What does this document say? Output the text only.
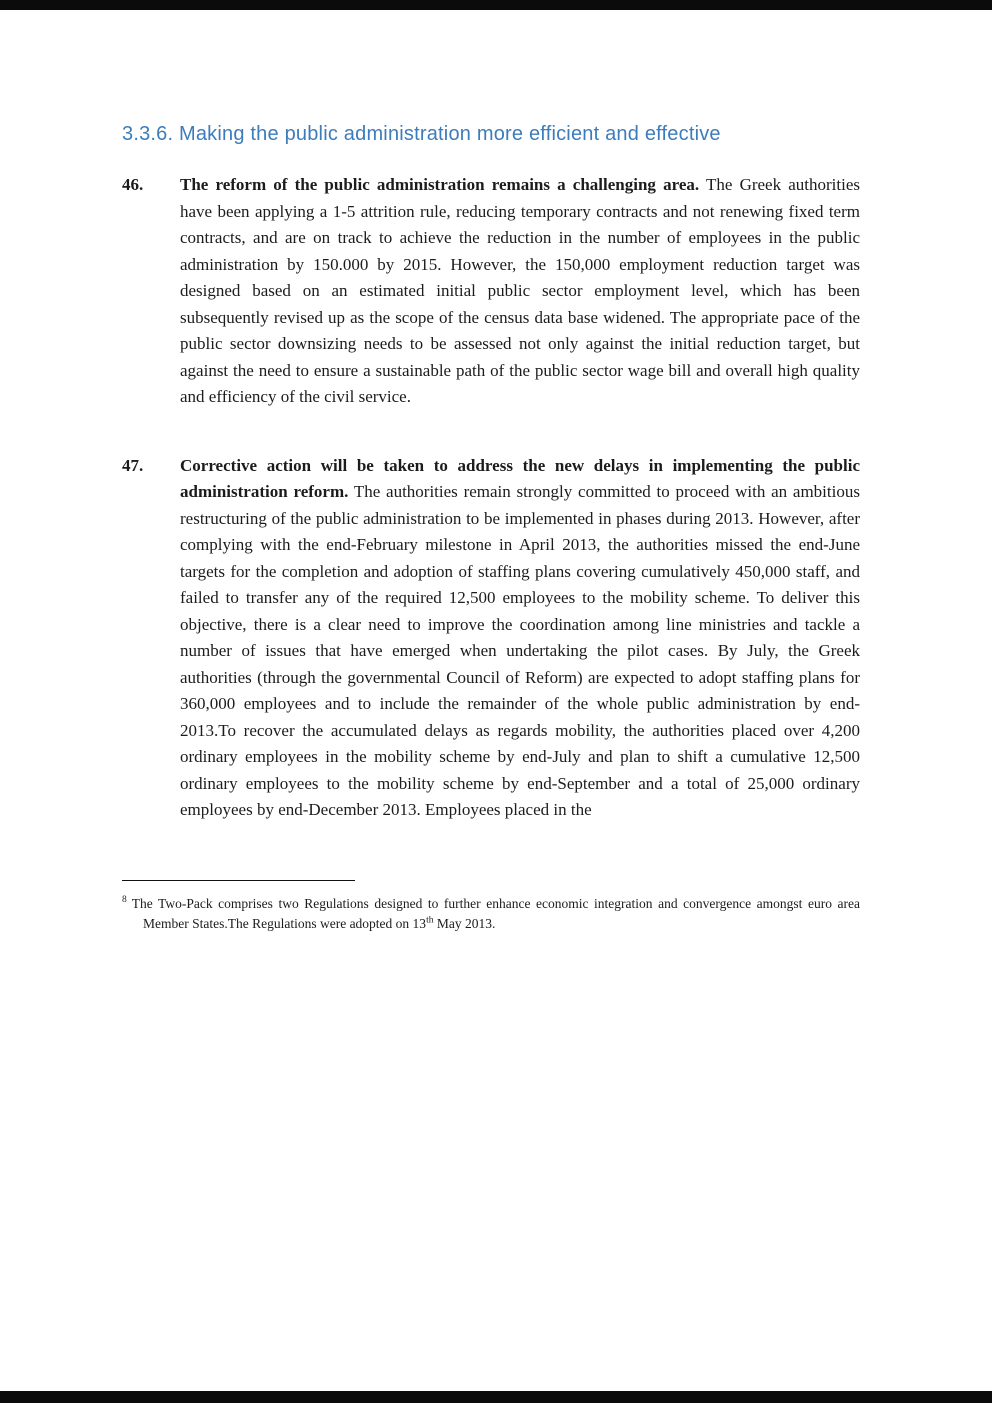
3.3.6. Making the public administration more efficient and effective
46.	The reform of the public administration remains a challenging area. The Greek authorities have been applying a 1-5 attrition rule, reducing temporary contracts and not renewing fixed term contracts, and are on track to achieve the reduction in the number of employees in the public administration by 150.000 by 2015. However, the 150,000 employment reduction target was designed based on an estimated initial public sector employment level, which has been subsequently revised up as the scope of the census data base widened. The appropriate pace of the public sector downsizing needs to be assessed not only against the initial reduction target, but against the need to ensure a sustainable path of the public sector wage bill and overall high quality and efficiency of the civil service.

47.	Corrective action will be taken to address the new delays in implementing the public administration reform. The authorities remain strongly committed to proceed with an ambitious restructuring of the public administration to be implemented in phases during 2013. However, after complying with the end-February milestone in April 2013, the authorities missed the end-June targets for the completion and adoption of staffing plans covering cumulatively 450,000 staff, and failed to transfer any of the required 12,500 employees to the mobility scheme. To deliver this objective, there is a clear need to improve the coordination among line ministries and tackle a number of issues that have emerged when undertaking the pilot cases. By July, the Greek authorities (through the governmental Council of Reform) are expected to adopt staffing plans for 360,000 employees and to include the remainder of the whole public administration by end-2013.To recover the accumulated delays as regards mobility, the authorities placed over 4,200 ordinary employees in the mobility scheme by end-July and plan to shift a cumulative 12,500 ordinary employees to the mobility scheme by end-September and a total of 25,000 ordinary employees by end-December 2013. Employees placed in the

$^8$ The Two-Pack comprises two Regulations designed to further enhance economic integration and convergence amongst euro area Member States.The Regulations were adopted on 13th May 2013.
